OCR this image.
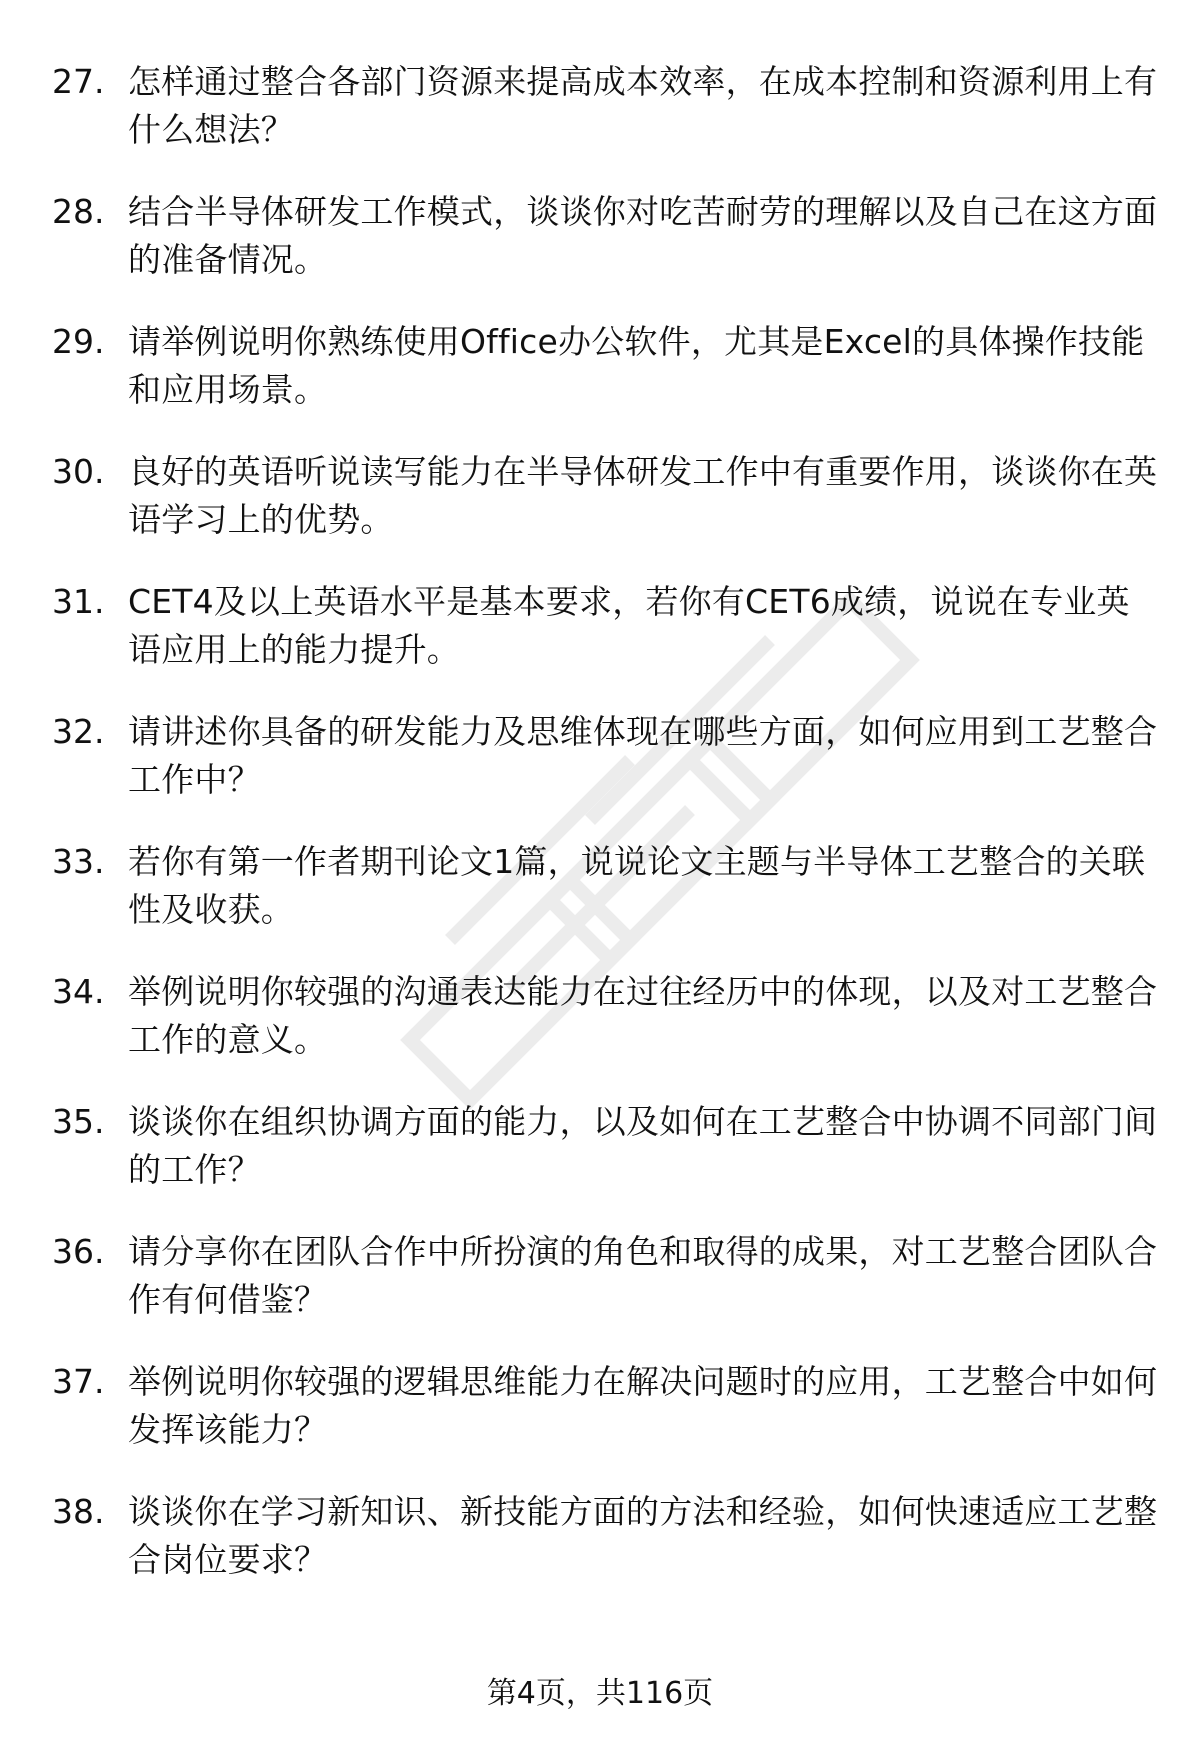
27. 怎样通过整合各部门资源来提高成本效率，在成本控制和资源利用上有什么想法？
28. 结合半导体研发工作模式，谈谈你对吃苦耐劳的理解以及自己在这方面的准备情况。
29. 请举例说明你熟练使用Office办公软件，尤其是Excel的具体操作技能和应用场景。
30. 良好的英语听说读写能力在半导体研发工作中有重要作用，谈谈你在英语学习上的优势。
31. CET4及以上英语水平是基本要求，若你有CET6成绩，说说在专业英语应用上的能力提升。
32. 请讲述你具备的研发能力及思维体现在哪些方面，如何应用到工艺整合工作中？
33. 若你有第一作者期刊论文1篇，说说论文主题与半导体工艺整合的关联性及收获。
34. 举例说明你较强的沟通表达能力在过往经历中的体现，以及对工艺整合工作的意义。
35. 谈谈你在组织协调方面的能力，以及如何在工艺整合中协调不同部门间的工作？
36. 请分享你在团队合作中所扮演的角色和取得的成果，对工艺整合团队合作有何借鉴？
37. 举例说明你较强的逻辑思维能力在解决问题时的应用，工艺整合中如何发挥该能力？
38. 谈谈你在学习新知识、新技能方面的方法和经验，如何快速适应工艺整合岗位要求？
第4页，共116页
